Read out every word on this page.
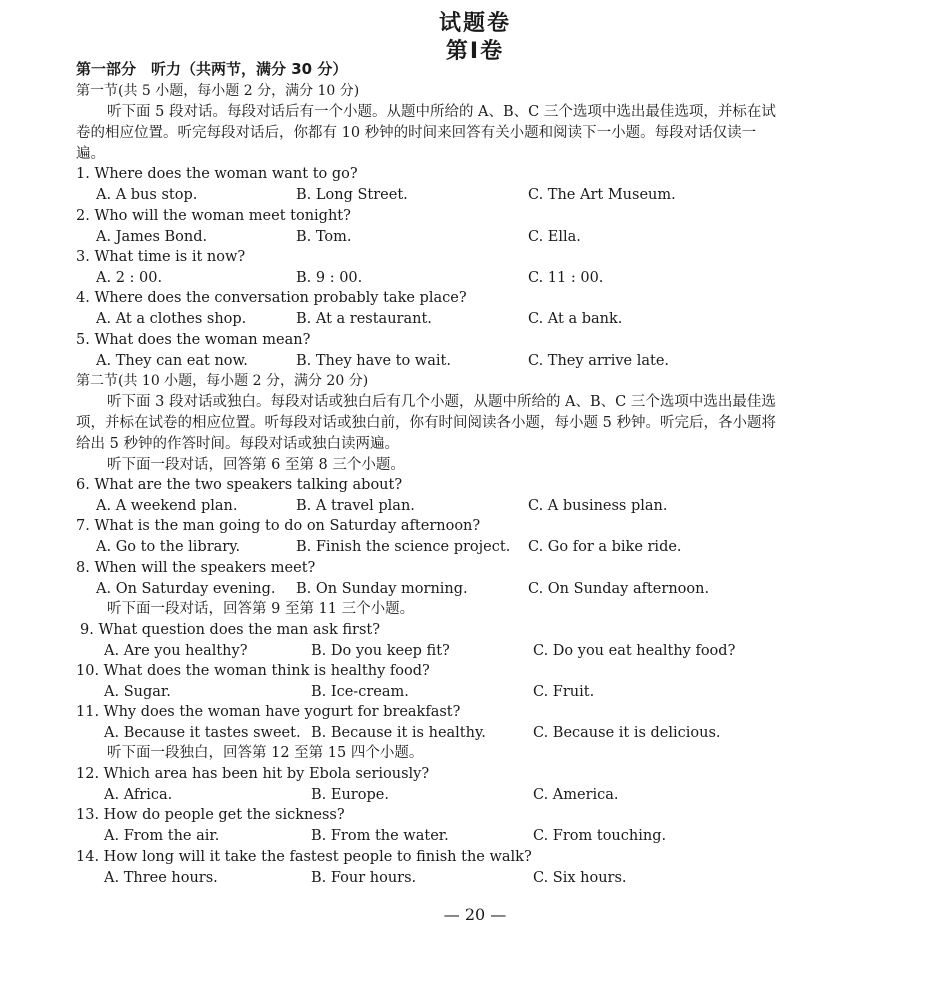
试题卷
第Ⅰ卷
第一部分　听力（共两节，满分 30 分）
第一节(共 5 小题，每小题 2 分，满分 10 分)
听下面 5 段对话。每段对话后有一个小题。从题中所给的 A、B、C 三个选项中选出最佳选项，并标在试
卷的相应位置。听完每段对话后，你都有 10 秒钟的时间来回答有关小题和阅读下一小题。每段对话仅读一
遍。
1. Where does the woman want to go?
A. A bus stop.	B. Long Street.	C. The Art Museum.
2. Who will the woman meet tonight?
A. James Bond.	B. Tom.	C. Ella.
3. What time is it now?
A. 2 : 00.	B. 9 : 00.	C. 11 : 00.
4. Where does the conversation probably take place?
A. At a clothes shop.	B. At a restaurant.	C. At a bank.
5. What does the woman mean?
A. They can eat now.	B. They have to wait.	C. They arrive late.
第二节(共 10 小题，每小题 2 分，满分 20 分)
听下面 3 段对话或独白。每段对话或独白后有几个小题，从题中所给的 A、B、C 三个选项中选出最佳选
项，并标在试卷的相应位置。听每段对话或独白前，你有时间阅读各小题，每小题 5 秒钟。听完后，各小题将
给出 5 秒钟的作答时间。每段对话或独白读两遍。
听下面一段对话，回答第 6 至第 8 三个小题。
6. What are the two speakers talking about?
A. A weekend plan.	B. A travel plan.	C. A business plan.
7. What is the man going to do on Saturday afternoon?
A. Go to the library.	B. Finish the science project. C. Go for a bike ride.
8. When will the speakers meet?
A. On Saturday evening. B. On Sunday morning.	C. On Sunday afternoon.
听下面一段对话，回答第 9 至第 11 三个小题。
9. What question does the man ask first?
A. Are you healthy?	B. Do you keep fit?	C. Do you eat healthy food?
10. What does the woman think is healthy food?
A. Sugar.	B. Ice-cream.	C. Fruit.
11. Why does the woman have yogurt for breakfast?
A. Because it tastes sweet. B. Because it is healthy.	C. Because it is delicious.
听下面一段独白，回答第 12 至第 15 四个小题。
12. Which area has been hit by Ebola seriously?
A. Africa.	B. Europe.	C. America.
13. How do people get the sickness?
A. From the air.	B. From the water.	C. From touching.
14. How long will it take the fastest people to finish the walk?
A. Three hours.	B. Four hours.	C. Six hours.
— 20 —
